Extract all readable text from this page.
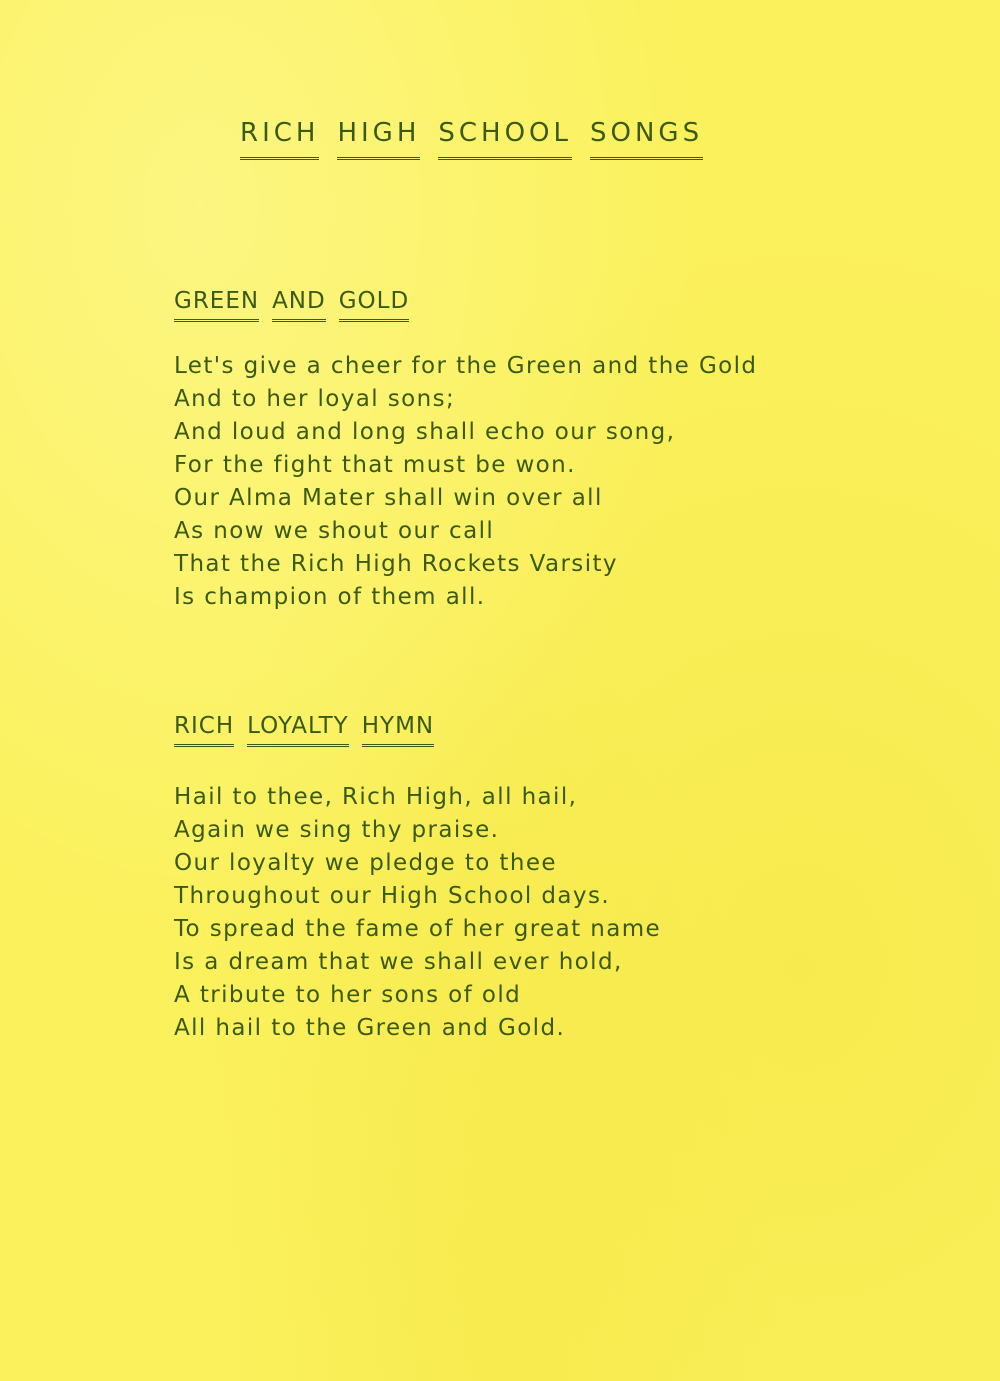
RICH HIGH SCHOOL SONGS
GREEN AND GOLD
Let's give a cheer for the Green and the Gold
And to her loyal sons;
And loud and long shall echo our song,
For the fight that must be won.
Our Alma Mater shall win over all
As now we shout our call
That the Rich High Rockets Varsity
Is champion of them all.
RICH LOYALTY HYMN
Hail to thee, Rich High, all hail,
Again we sing thy praise.
Our loyalty we pledge to thee
Throughout our High School days.
To spread the fame of her great name
Is a dream that we shall ever hold,
A tribute to her sons of old
All hail to the Green and Gold.
